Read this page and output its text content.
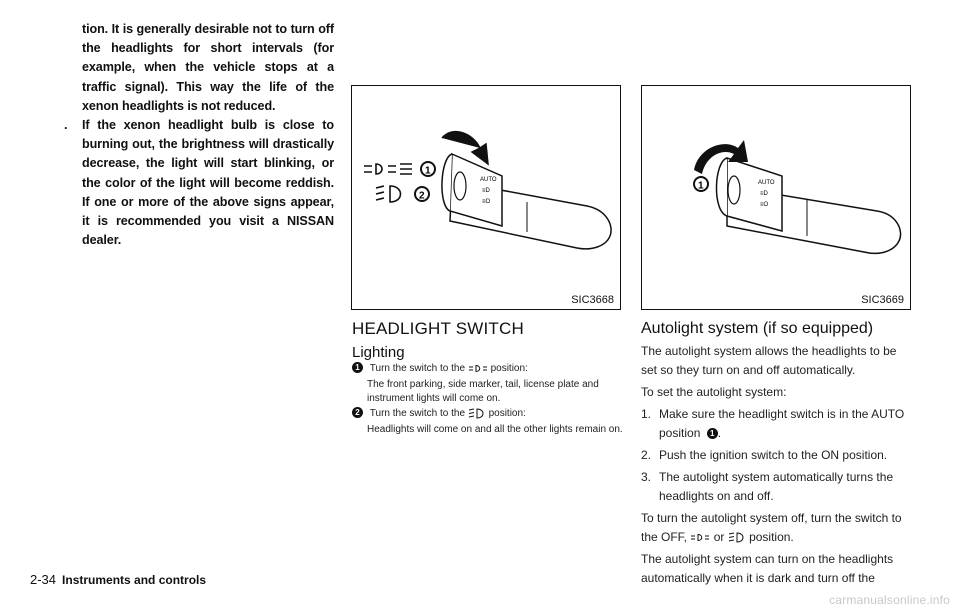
tion. It is generally desirable not to turn off the headlights for short intervals (for example, when the vehicle stops at a traffic signal). This way the life of the xenon headlights is not reduced.

. If the xenon headlight bulb is close to burning out, the brightness will drastically decrease, the light will start blinking, or the color of the light will become reddish. If one or more of the above signs appear, it is recommended you visit a NISSAN dealer.
AUTO
≡D
≡O
1
2
SIC3668
AUTO
≡D
≡O
1
SIC3669
HEADLIGHT SWITCH
Lighting
1 Turn the switch to the	position:
The front parking, side marker, tail, license plate and instrument lights will come on.
2 Turn the switch to the position:
Headlights will come on and all the other lights remain on.
Autolight system (if so equipped)

The autolight system allows the headlights to be set so they turn on and off automatically.

To set the autolight system:

1. Make sure the headlight switch is in the AUTO position 1 .
2. Push the ignition switch to the ON position.
3. The autolight system automatically turns the headlights on and off.

To turn the autolight system off, turn the switch to the OFF, or position.

The autolight system can turn on the headlights automatically when it is dark and turn off the

2-34 Instruments and controls
carmanualsonline.info
